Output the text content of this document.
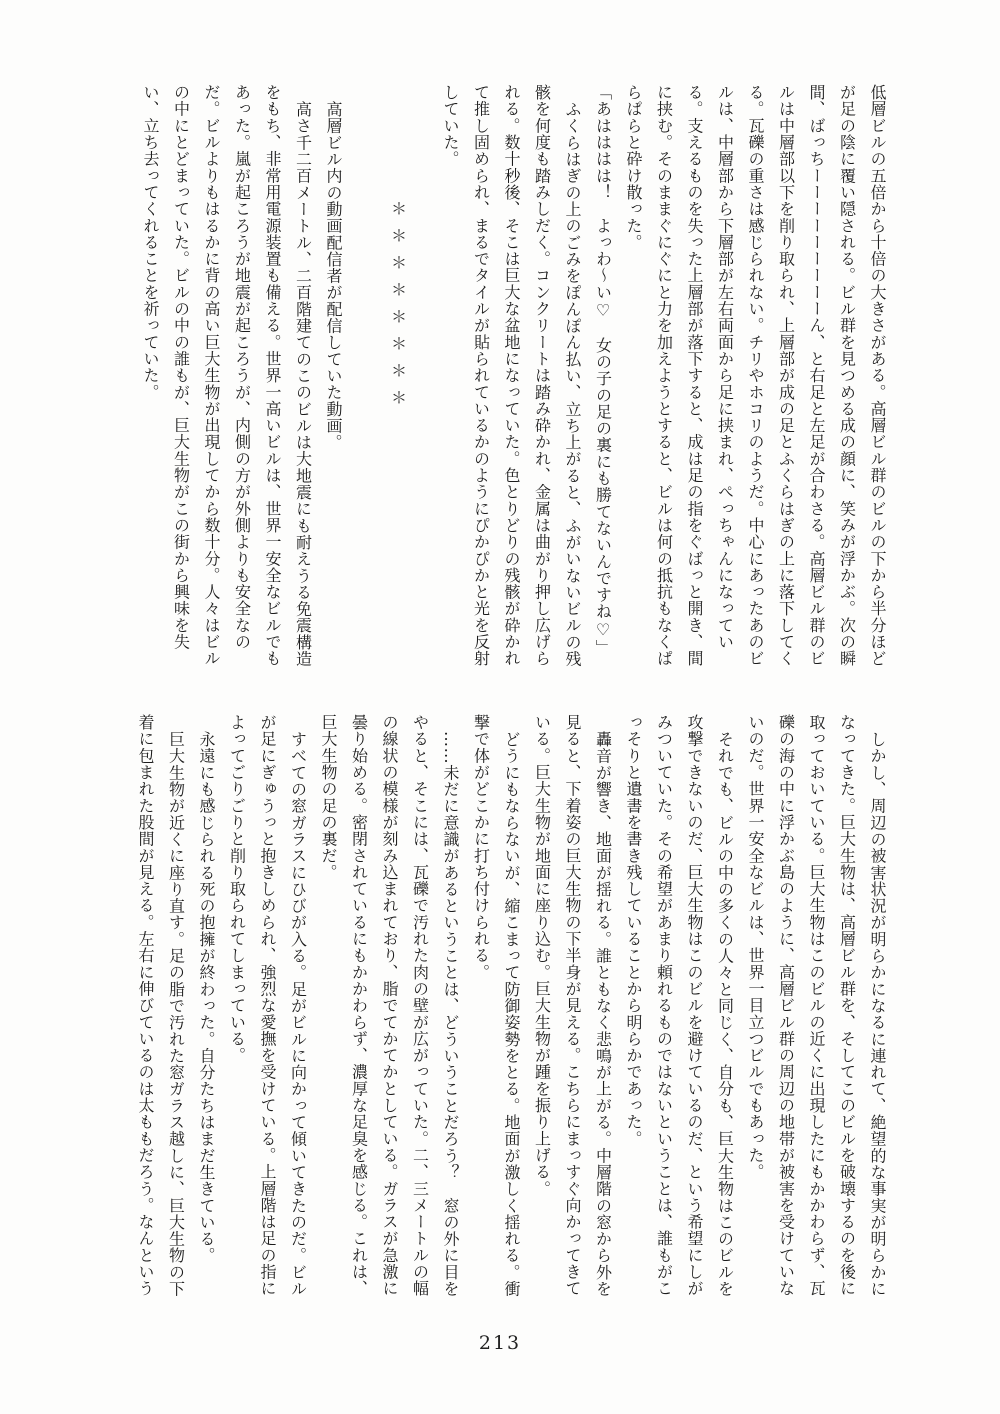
低層ビルの五倍から十倍の大きさがある。高層ビル群のビルの下から半分ほどが足の陰に覆い隠される。ビル群を見つめる成の顔に、笑みが浮かぶ。次の瞬間、ばっちーーーーーーーーーん、と右足と左足が合わさる。高層ビル群のビルは中層部以下を削り取られ、上層部が成の足とふくらはぎの上に落下してくる。瓦礫の重さは感じられない。チリやホコリのようだ。中心にあったあのビルは、中層部から下層部が左右両面から足に挟まれ、ぺっちゃんになっている。支えるものを失った上層部が落下すると、成は足の指をぐばっと開き、間に挟む。そのままぐにぐにと力を加えようとすると、ビルは何の抵抗もなくぱらぱらと砕け散った。

「あはははは！　よっわ〜い♡　女の子の足の裏にも勝てないんですね♡」

ふくらはぎの上のごみをぽんぽん払い、立ち上がると、ふがいないビルの残骸を何度も踏みしだく。コンクリートは踏み砕かれ、金属は曲がり押し広げられる。数十秒後、そこは巨大な盆地になっていた。色とりどりの残骸が砕かれて推し固められ、まるでタイルが貼られているかのようにぴかぴかと光を反射していた。

＊＊＊＊＊＊＊＊

高層ビル内の動画配信者が配信していた動画。

高さ千二百メートル、二百階建てのこのビルは大地震にも耐えうる免震構造をもち、非常用電源装置も備える。世界一高いビルは、世界一安全なビルでもあった。嵐が起ころうが地震が起ころうが、内側の方が外側よりも安全なのだ。ビルよりもはるかに背の高い巨大生物が出現してから数十分。人々はビルの中にとどまっていた。ビルの中の誰もが、巨大生物がこの街から興味を失い、立ち去ってくれることを祈っていた。

しかし、周辺の被害状況が明らかになるに連れて、絶望的な事実が明らかになってきた。巨大生物は、高層ビル群を、そしてこのビルを破壊するのを後に取っておいている。巨大生物はこのビルの近くに出現したにもかかわらず、瓦礫の海の中に浮かぶ島のように、高層ビル群の周辺の地帯が被害を受けていないのだ。世界一安全なビルは、世界一目立つビルでもあった。

それでも、ビルの中の多くの人々と同じく、自分も、巨大生物はこのビルを攻撃できないのだ、巨大生物はこのビルを避けているのだ、という希望にしがみついていた。その希望があまり頼れるものではないということは、誰もがこっそりと遺書を書き残していることから明らかであった。

轟音が響き、地面が揺れる。誰ともなく悲鳴が上がる。中層階の窓から外を見ると、下着姿の巨大生物の下半身が見える。こちらにまっすぐ向かってきている。巨大生物が地面に座り込む。巨大生物が踵を振り上げる。

どうにもならないが、縮こまって防御姿勢をとる。地面が激しく揺れる。衝撃で体がどこかに打ち付けられる。

……未だに意識があるということは、どういうことだろう？　窓の外に目をやると、そこには、瓦礫で汚れた肉の壁が広がっていた。二、三メートルの幅の線状の模様が刻み込まれており、脂でてかてかとしている。ガラスが急激に曇り始める。密閉されているにもかかわらず、濃厚な足臭を感じる。これは、巨大生物の足の裏だ。

すべての窓ガラスにひびが入る。足がビルに向かって傾いてきたのだ。ビルが足にぎゅうっと抱きしめられ、強烈な愛撫を受けている。上層階は足の指によってごりごりと削り取られてしまっている。

永遠にも感じられる死の抱擁が終わった。自分たちはまだ生きている。

巨大生物が近くに座り直す。足の脂で汚れた窓ガラス越しに、巨大生物の下着に包まれた股間が見える。左右に伸びているのは太ももだろう。なんという

213
